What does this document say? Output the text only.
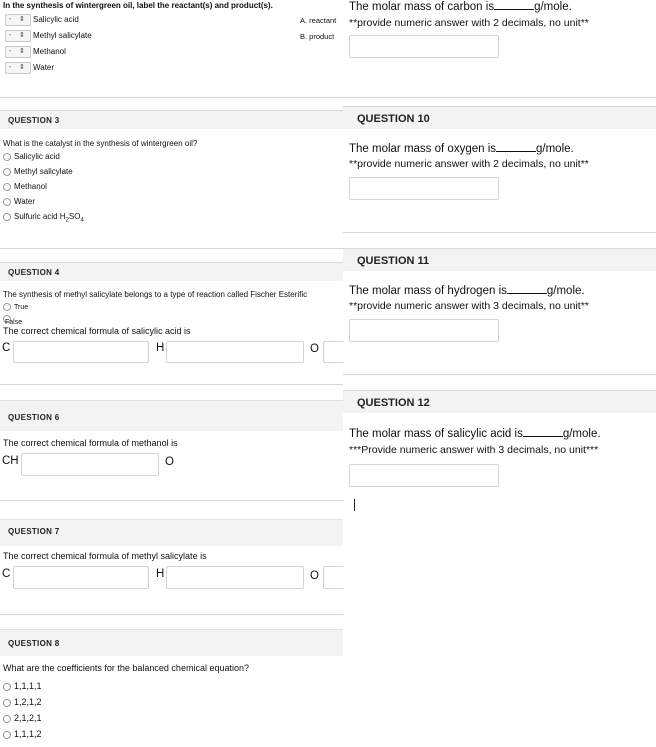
In the synthesis of wintergreen oil, label the reactant(s) and product(s).
- ⇕ Salicylic acid
- ⇕ Methyl salicylate
- ⇕ Methanol
- ⇕ Water
A. reactant
B. product
QUESTION 3
What is the catalyst in the synthesis of wintergreen oil?
Salicylic acid
Methyl salicylate
Methanol
Water
Sulfuric acid $H_2SO_4$
QUESTION 4
The synthesis of methyl salicylate belongs to a type of reaction called Fischer Esterific
True
False
The correct chemical formula of salicylic acid is
C	H	O
QUESTION 6
The correct chemical formula of methanol is
CH	O
QUESTION 7
The correct chemical formula of methyl salicylate is
C	H	O
QUESTION 8
What are the coefficients for the balanced chemical equation?
1,1,1,1
1,2,1,2
2,1,2,1
1,1,1,2
The molar mass of carbon is	g/mole.
**provide numeric answer with 2 decimals, no unit**
QUESTION 10
The molar mass of oxygen is	g/mole.
**provide numeric answer with 2 decimals, no unit**
QUESTION 11
The molar mass of hydrogen is	g/mole.
**provide numeric answer with 3 decimals, no unit**
QUESTION 12
The molar mass of salicylic acid is	g/mole.
***Provide numeric answer with 3 decimals, no unit***
